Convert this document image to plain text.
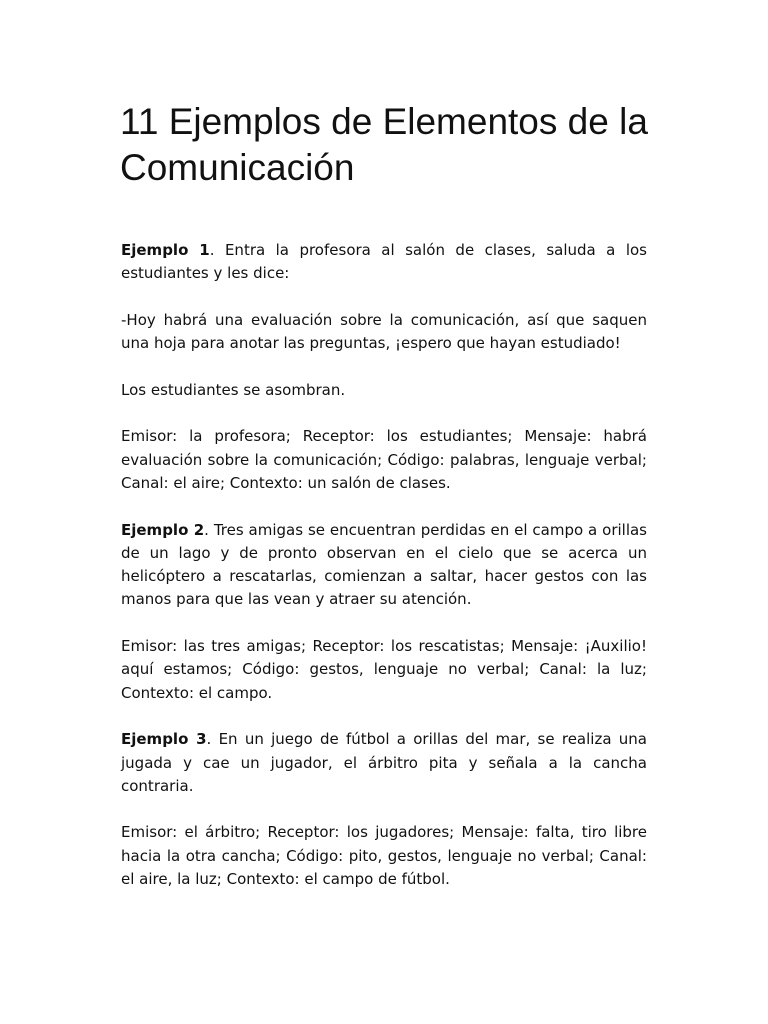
11 Ejemplos de Elementos de la Comunicación

Ejemplo 1. Entra la profesora al salón de clases, saluda a los estudiantes y les dice:

-Hoy habrá una evaluación sobre la comunicación, así que saquen una hoja para anotar las preguntas, ¡espero que hayan estudiado!

Los estudiantes se asombran.

Emisor: la profesora; Receptor: los estudiantes; Mensaje: habrá evaluación sobre la comunicación; Código: palabras, lenguaje verbal; Canal: el aire; Contexto: un salón de clases.

Ejemplo 2. Tres amigas se encuentran perdidas en el campo a orillas de un lago y de pronto observan en el cielo que se acerca un helicóptero a rescatarlas, comienzan a saltar, hacer gestos con las manos para que las vean y atraer su atención.

Emisor: las tres amigas; Receptor: los rescatistas; Mensaje: ¡Auxilio! aquí estamos; Código: gestos, lenguaje no verbal; Canal: la luz; Contexto: el campo.

Ejemplo 3. En un juego de fútbol a orillas del mar, se realiza una jugada y cae un jugador, el árbitro pita y señala a la cancha contraria.

Emisor: el árbitro; Receptor: los jugadores; Mensaje: falta, tiro libre hacia la otra cancha; Código: pito, gestos, lenguaje no verbal; Canal: el aire, la luz; Contexto: el campo de fútbol.
